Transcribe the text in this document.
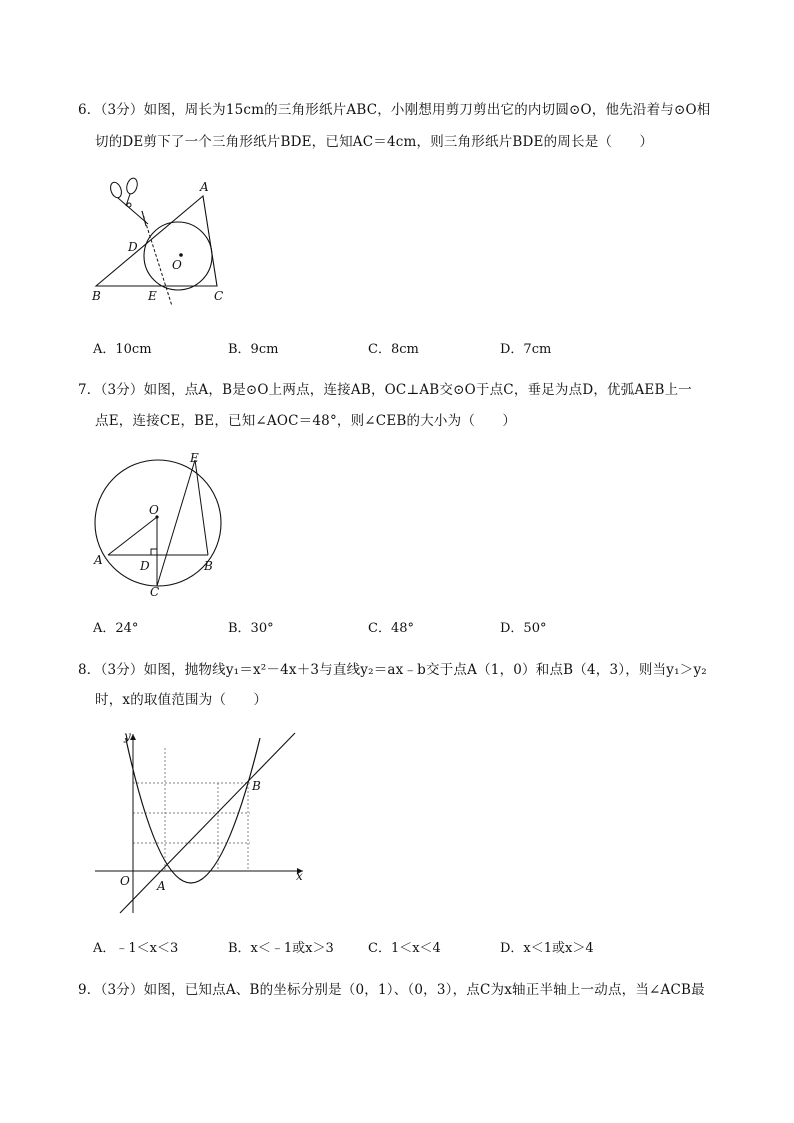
6．（3分）如图，周长为15cm的三角形纸片ABC，小刚想用剪刀剪出它的内切圆⊙O，他先沿着与⊙O相
切的DE剪下了一个三角形纸片BDE，已知AC＝4cm，则三角形纸片BDE的周长是（　　）
A
B	C
D
E
O
A．10cm	B．9cm	C．8cm	D．7cm
7．（3分）如图，点A，B是⊙O上两点，连接AB，OC⊥AB交⊙O于点C，垂足为点D，优弧AEB上一
点E，连接CE，BE，已知∠AOC＝48°，则∠CEB的大小为（　　）
A	B
C
D
E
O
A．24°	B．30°	C．48°	D．50°
8．（3分）如图，抛物线y₁＝x²－4x＋3与直线y₂＝ax﹣b交于点A（1，0）和点B（4，3），则当y₁＞y₂
时，x的取值范围为（　　）
y
x
O A
B
A．﹣1＜x＜3	B．x＜﹣1或x＞3	C．1＜x＜4	D．x＜1或x＞4
9．（3分）如图，已知点A、B的坐标分别是（0，1）、（0，3），点C为x轴正半轴上一动点，当∠ACB最
